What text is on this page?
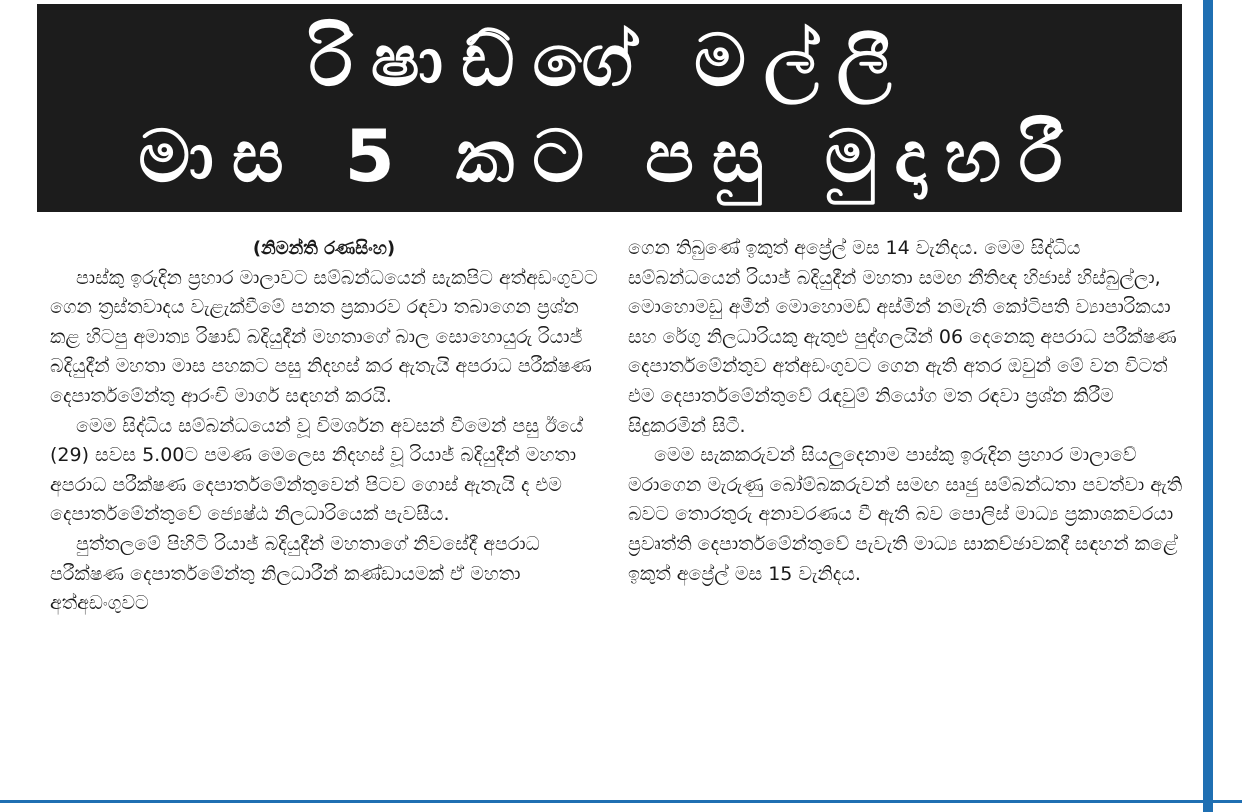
රිෂාඩ්ගේ මල්ලී
මාස 5 කට පසු මුදාහරී

(නිමන්ති රණසිංහ)

පාස්කු ඉරුදින ප්‍රහාර මාලාවට සම්බන්ධයෙන් සැකපිට අත්අඩංගුවට ගෙන ත්‍රස්තවාදය වැළැක්වීමේ පනත ප්‍රකාරව රඳවා තබාගෙන ප්‍රශ්න කළ හිටපු අමාත්‍ය රිෂාඩ් බදියුදීන් මහතාගේ බාල සොහොයුරු රියාජ් බදියුදීන් මහතා මාස පහකට පසු නිදහස් කර ඇතැයි අපරාධ පරීක්ෂණ දෙපාර්තමේන්තු ආරංචි මාර්ග සඳහන් කරයි.

මෙම සිද්ධිය සම්බන්ධයෙන් වූ විමර්ශන අවසන් වීමෙන් පසු ඊයේ (29) සවස 5.00ට පමණ මෙලෙස නිදහස් වූ රියාජ් බදියුදීන් මහතා අපරාධ පරීක්ෂණ දෙපාර්තමේන්තුවෙන් පිටව ගොස් ඇතැයි ද එම දෙපාර්තමේන්තුවේ ජ්‍යෙෂ්ඨ නිලධාරියෙක් පැවසීය.

පුත්තලමේ පිහිටි රියාජ් බදියුදීන් මහතාගේ නිවසේදී අපරාධ පරීක්ෂණ දෙපාර්තමේන්තු නිලධාරීන් කණ්ඩායමක් ඒ මහතා අත්අඩංගුවට

ගෙන තිබුණේ ඉකුත් අප්‍රේල් මස 14 වැනිදය. මෙම සිද්ධිය සම්බන්ධයෙන් රියාජ් බදියුදීන් මහතා සමඟ නීතිඥ හිජාස් හිස්බුල්ලා, මොහොමඩු අමීන් මොහොමඩ් අස්මින් නමැති කෝටිපති ව්‍යාපාරිකයා සහ රේගු නිලධාරියකු ඇතුළු පුද්ගලයින් 06 දෙනෙකු අපරාධ පරීක්ෂණ දෙපාර්තමේන්තුව අත්අඩංගුවට ගෙන ඇති අතර ඔවුන් මේ වන විටත් එම දෙපාර්තමේන්තුවේ රැඳවුම් නියෝග මත රඳවා ප්‍රශ්න කිරීම සිදුකරමින් සිටී.

මෙම සැකකරුවන් සියලුදෙනාම පාස්කු ඉරුදින ප්‍රහාර මාලාවේ මරාගෙන මැරුණු බෝම්බකරුවන් සමඟ සෘජු සම්බන්ධතා පවත්වා ඇති බවට තොරතුරු අනාවරණය වී ඇති බව පොලිස් මාධ්‍ය ප්‍රකාශකවරයා ප්‍රවෘත්ති දෙපාර්තමේන්තුවේ පැවැති මාධ්‍ය සාකච්ඡාවකදී සඳහන් කළේ ඉකුත් අප්‍රේල් මස 15 වැනිදය.
